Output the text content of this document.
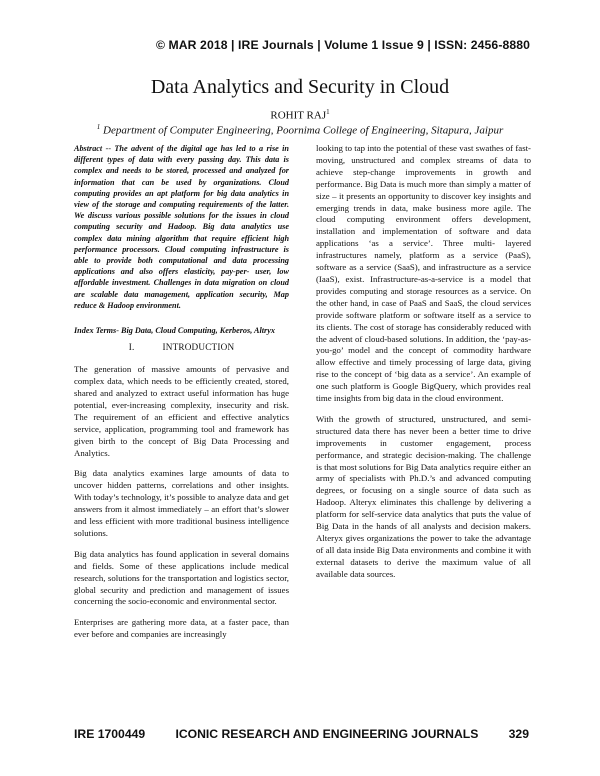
© MAR 2018 | IRE Journals | Volume 1 Issue 9 | ISSN: 2456-8880
Data Analytics and Security in Cloud
ROHIT RAJ$^1$
$^1$ Department of Computer Engineering, Poornima College of Engineering, Sitapura, Jaipur

Abstract -- The advent of the digital age has led to a rise in different types of data with every passing day. This data is complex and needs to be stored, processed and analyzed for information that can be used by organizations. Cloud computing provides an apt platform for big data analytics in view of the storage and computing requirements of the latter. We discuss various possible solutions for the issues in cloud computing security and Hadoop. Big data analytics use complex data mining algorithm that require efficient high performance processors. Cloud computing infrastructure is able to provide both computational and data processing applications and also offers elasticity, pay-per- user, low affordable investment. Challenges in data migration on cloud are scalable data management, application security, Map reduce & Hadoop environment.

Index Terms- Big Data, Cloud Computing, Kerberos, Altryx

I.	INTRODUCTION

The generation of massive amounts of pervasive and complex data, which needs to be efficiently created, stored, shared and analyzed to extract useful information has huge potential, ever-increasing complexity, insecurity and risk. The requirement of an efficient and effective analytics service, application, programming tool and framework has given birth to the concept of Big Data Processing and Analytics.

Big data analytics examines large amounts of data to uncover hidden patterns, correlations and other insights. With today’s technology, it’s possible to analyze data and get answers from it almost immediately – an effort that’s slower and less efficient with more traditional business intelligence solutions.

Big data analytics has found application in several domains and fields. Some of these applications include medical research, solutions for the transportation and logistics sector, global security and prediction and management of issues concerning the socio-economic and environmental sector.

Enterprises are gathering more data, at a faster pace, than ever before and companies are increasingly

looking to tap into the potential of these vast swathes of fast-moving, unstructured and complex streams of data to achieve step-change improvements in growth and performance. Big Data is much more than simply a matter of size – it presents an opportunity to discover key insights and emerging trends in data, make business more agile. The cloud computing environment offers development, installation and implementation of software and data applications ‘as a service’. Three multi- layered infrastructures namely, platform as a service (PaaS), software as a service (SaaS), and infrastructure as a service (IaaS), exist. Infrastructure-as-a-service is a model that provides computing and storage resources as a service. On the other hand, in case of PaaS and SaaS, the cloud services provide software platform or software itself as a service to its clients. The cost of storage has considerably reduced with the advent of cloud-based solutions. In addition, the ‘pay-as-you-go’ model and the concept of commodity hardware allow effective and timely processing of large data, giving rise to the concept of ‘big data as a service’. An example of one such platform is Google BigQuery, which provides real time insights from big data in the cloud environment.

With the growth of structured, unstructured, and semi-structured data there has never been a better time to drive improvements in customer engagement, process performance, and strategic decision-making. The challenge is that most solutions for Big Data analytics require either an army of specialists with Ph.D.’s and advanced computing degrees, or focusing on a single source of data such as Hadoop. Alteryx eliminates this challenge by delivering a platform for self-service data analytics that puts the value of Big Data in the hands of all analysts and decision makers. Alteryx gives organizations the power to take the advantage of all data inside Big Data environments and combine it with external datasets to derive the maximum value of all available data sources.

IRE 1700449 ICONIC RESEARCH AND ENGINEERING JOURNALS 329
